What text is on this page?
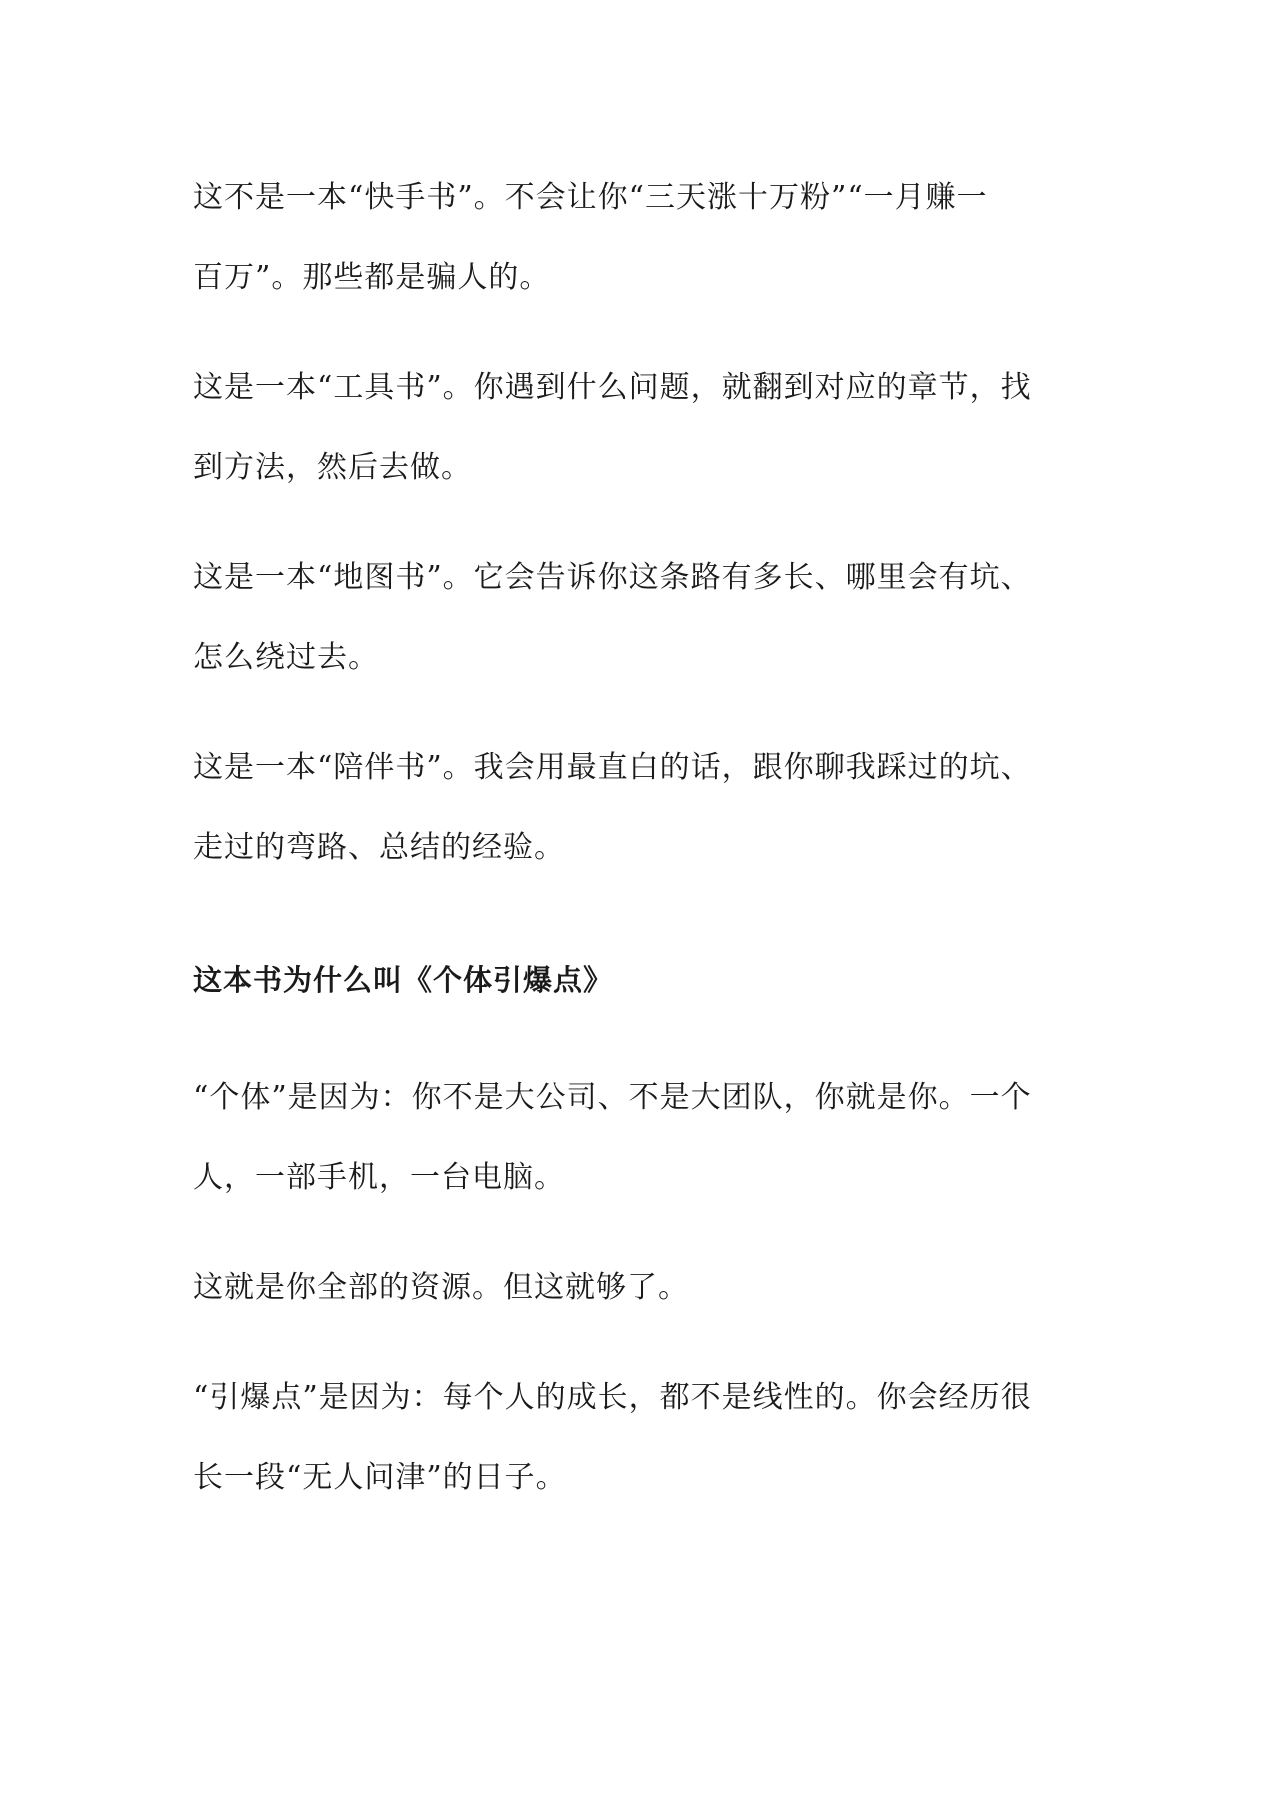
这不是一本“快手书”。不会让你“三天涨十万粉”“一月赚一
百万”。那些都是骗人的。
这是一本“工具书”。你遇到什么问题，就翻到对应的章节，找
到方法，然后去做。
这是一本“地图书”。它会告诉你这条路有多长、哪里会有坑、
怎么绕过去。
这是一本“陪伴书”。我会用最直白的话，跟你聊我踩过的坑、
走过的弯路、总结的经验。
这本书为什么叫《个体引爆点》
“个体”是因为：你不是大公司、不是大团队，你就是你。一个
人，一部手机，一台电脑。
这就是你全部的资源。但这就够了。
“引爆点”是因为：每个人的成长，都不是线性的。你会经历很
长一段“无人问津”的日子。
